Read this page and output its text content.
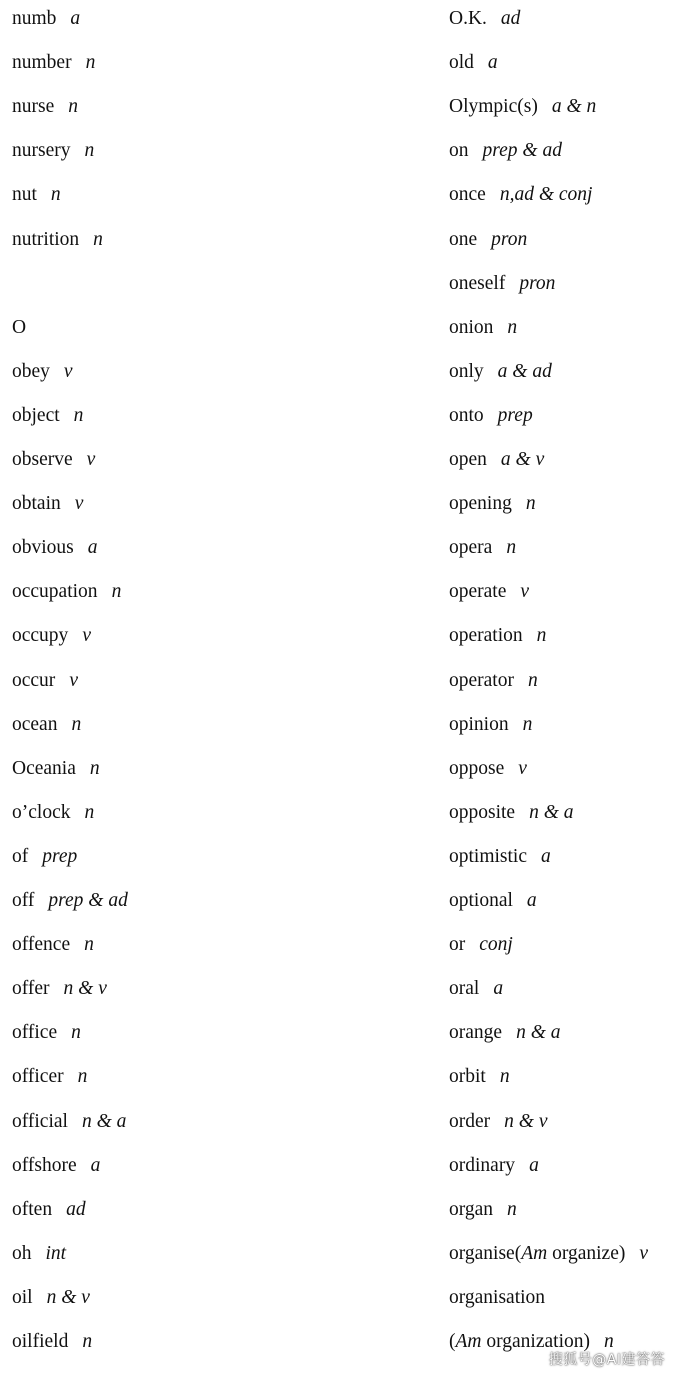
numb a
number n
nurse n
nursery n
nut n
nutrition n
O
obey v
object n
observe v
obtain v
obvious a
occupation n
occupy v
occur v
ocean n
Oceania n
o’clock n
of prep
off prep & ad
offence n
offer n & v
office n
officer n
official n & a
offshore a
often ad
oh int
oil n & v
oilfield n
O.K. ad
old a
Olympic(s) a & n
on prep & ad
once n,ad & conj
one pron
oneself pron
onion n
only a & ad
onto prep
open a & v
opening n
opera n
operate v
operation n
operator n
opinion n
oppose v
opposite n & a
optimistic a
optional a
or conj
oral a
orange n & a
orbit n
order n & v
ordinary a
organ n
organise(Am organize) v
organisation
(Am organization) n
搜狐号@AI建答答
